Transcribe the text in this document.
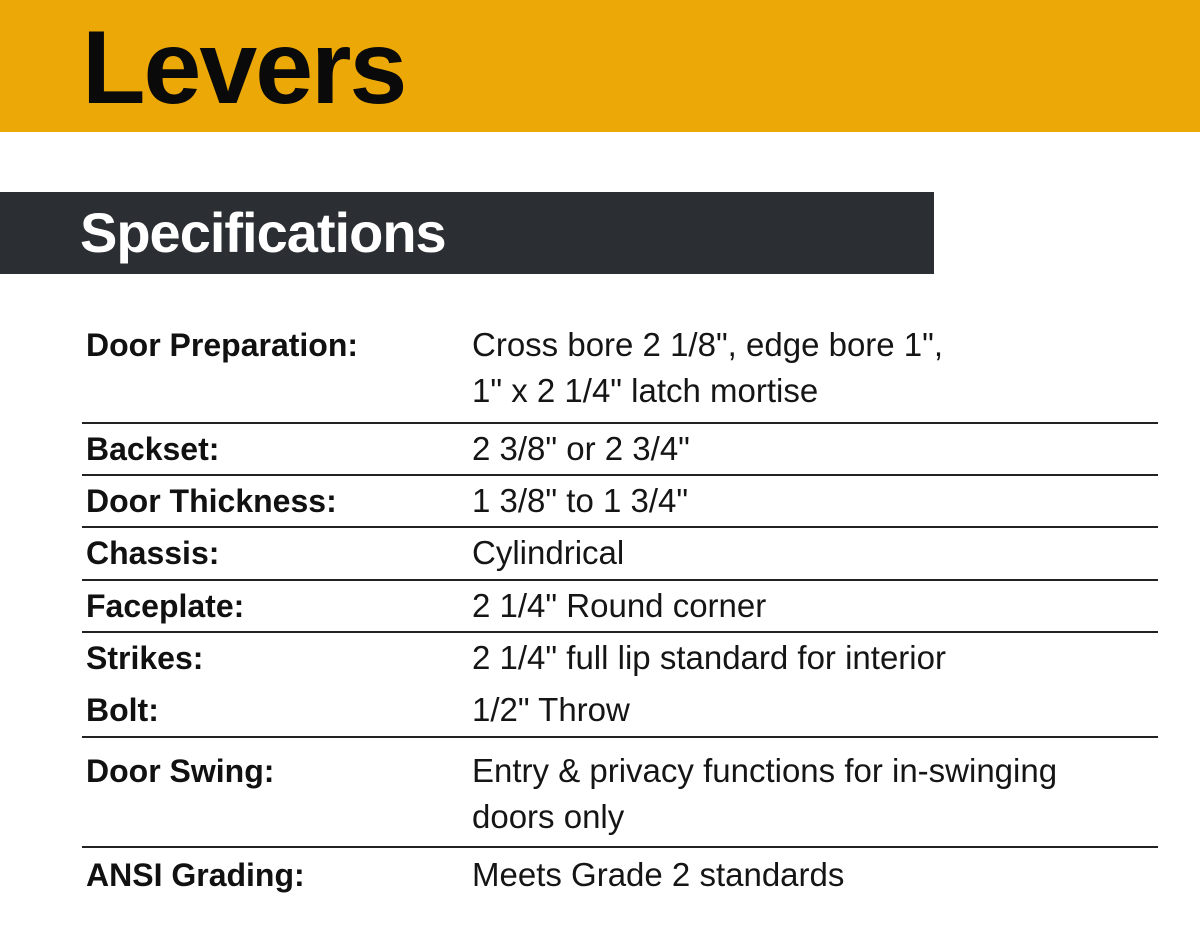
Levers
Specifications
Door Preparation:	Cross bore 2 1/8", edge bore 1",
1" x 2 1/4" latch mortise
Backset:	2 3/8" or 2 3/4"
Door Thickness:	1 3/8" to 1 3/4"
Chassis:	Cylindrical
Faceplate:	2 1/4" Round corner
Strikes:	2 1/4" full lip standard for interior
Bolt:	1/2" Throw
Door Swing:	Entry & privacy functions for in-swinging
doors only
ANSI Grading:	Meets Grade 2 standards
